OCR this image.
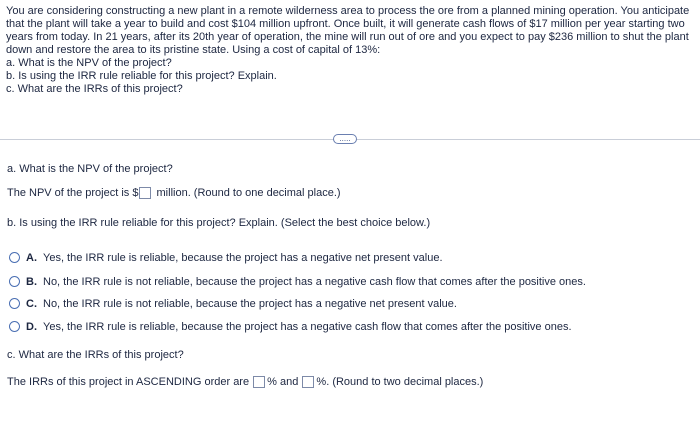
You are considering constructing a new plant in a remote wilderness area to process the ore from a planned mining operation. You anticipate that the plant will take a year to build and cost $104 million upfront. Once built, it will generate cash flows of $17 million per year starting two years from today. In 21 years, after its 20th year of operation, the mine will run out of ore and you expect to pay $236 million to shut the plant down and restore the area to its pristine state. Using a cost of capital of 13%:

a. What is the NPV of the project?

b. Is using the IRR rule reliable for this project? Explain.

c. What are the IRRs of this project?

.....
a. What is the NPV of the project?
The NPV of the project is $ million. (Round to one decimal place.)
b. Is using the IRR rule reliable for this project? Explain. (Select the best choice below.)
A. Yes, the IRR rule is reliable, because the project has a negative net present value.
B. No, the IRR rule is not reliable, because the project has a negative cash flow that comes after the positive ones.
C. No, the IRR rule is not reliable, because the project has a negative net present value.
D. Yes, the IRR rule is reliable, because the project has a negative cash flow that comes after the positive ones.
c. What are the IRRs of this project?
The IRRs of this project in ASCENDING order are % and %. (Round to two decimal places.)
